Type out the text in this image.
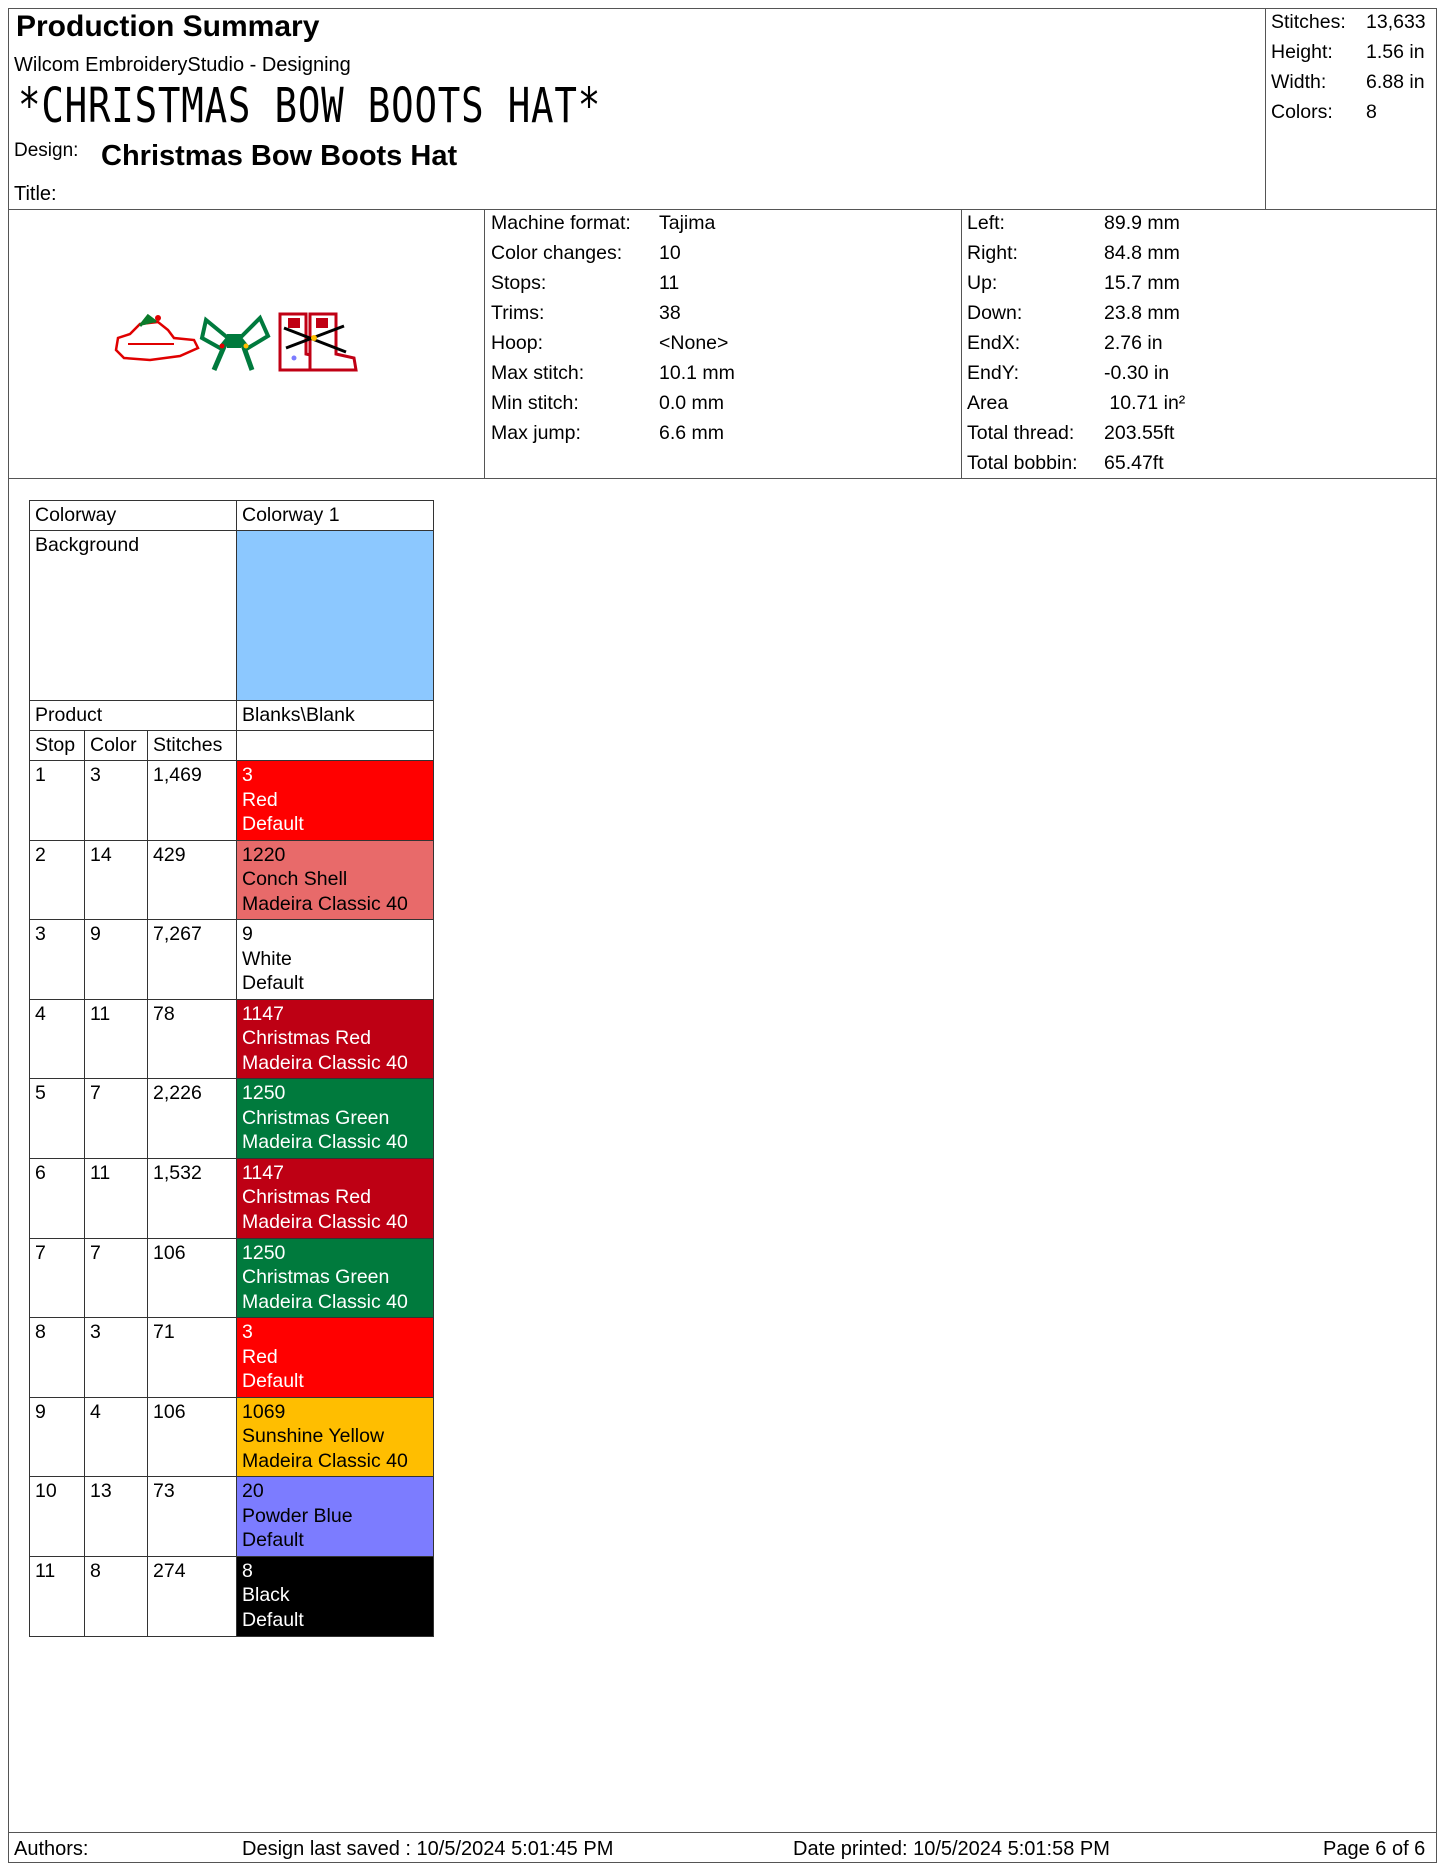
Production Summary
Wilcom EmbroideryStudio - Designing
*CHRISTMAS BOW BOOTS HAT*
Design: Christmas Bow Boots Hat
Title:
Stitches: 13,633
Height: 1.56 in
Width: 6.88 in
Colors: 8
Machine format: Tajima
Color changes: 10
Stops:	11
Trims:	38
Hoop:	<None>
Max stitch:	10.1 mm
Min stitch:	0.0 mm
Max jump:	6.6 mm
Left:	89.9 mm
Right:	84.8 mm
Up:	15.7 mm
Down:	23.8 mm
EndX:	2.76 in
EndY:	-0.30 in
Area	10.71 in²
Total thread: 203.55ft
Total bobbin: 65.47ft
Colorway			Colorway 1
Background			
Product			Blanks\Blank
Stop	Color	Stitches	
1	3	1,469	3
Red
Default

2	14	429	1220
Conch Shell
Madeira Classic 40

3	9	7,267	9
White
Default

4	11	78	1147
Christmas Red
Madeira Classic 40

5	7	2,226	1250
Christmas Green
Madeira Classic 40

6	11	1,532	1147
Christmas Red
Madeira Classic 40

7	7	106	1250
Christmas Green
Madeira Classic 40

8	3	71	3
Red
Default

9	4	106	1069
Sunshine Yellow
Madeira Classic 40

10	13	73	20
Powder Blue
Default

11	8	274	8
Black
Default
Authors:	Design last saved : 10/5/2024 5:01:45 PM	Date printed: 10/5/2024 5:01:58 PM	Page 6 of 6
